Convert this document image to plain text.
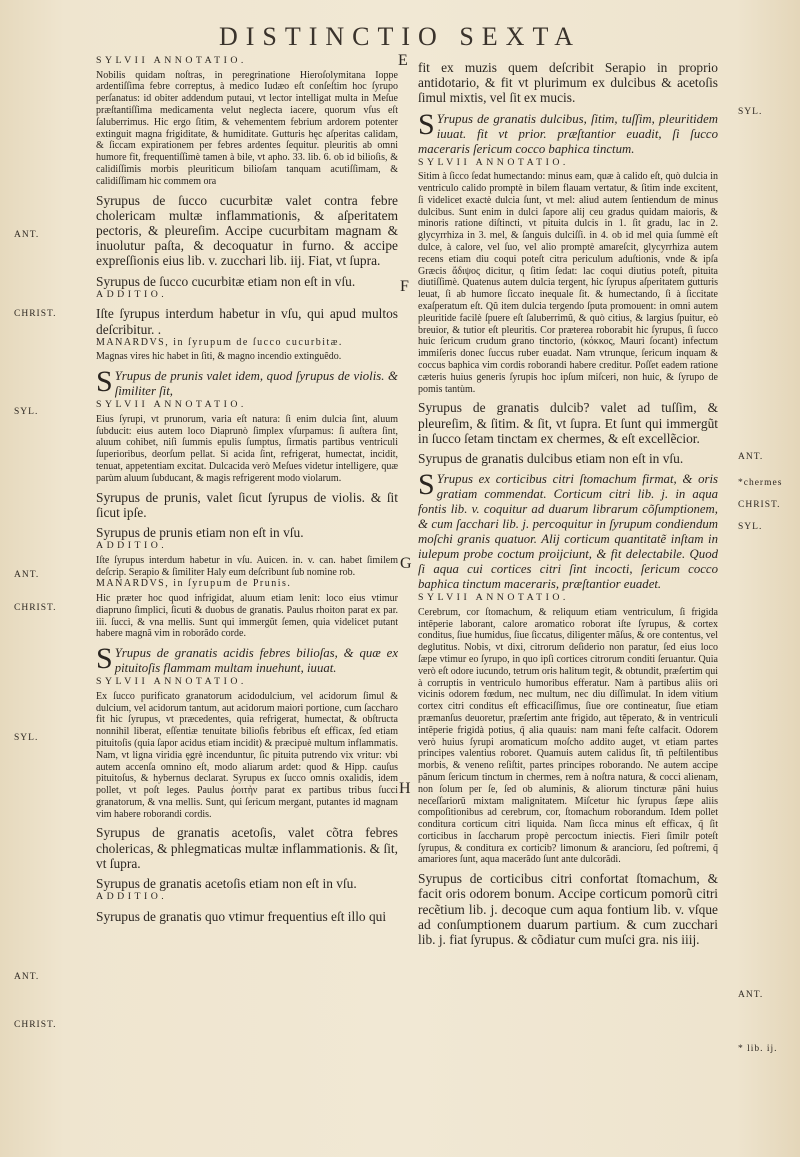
DISTINCTIO SEXTA

SYLVII ANNOTATIO.

Nobilis quidam noſtras, in peregrinatione Hieroſolymitana Ioppe ardentiſſima febre correptus, à medico Iudæo eſt conſeſtim hoc ſyrupo perſanatus: id obiter addendum putaui, vt lector intelligat multa in Meſue præſtantiſſima medicamenta velut neglecta iacere, quorum vſus eſt ſaluberrimus. Hic ergo ſitim, & vehementem febrium ardorem potenter extinguit magna frigiditate, & humiditate. Gutturis hęc aſperitas calidam, & ſiccam expirationem per febres ardentes ſequitur. pleuritis ab omni humore fit, frequentiſſimè tamen à bile, vt apho. 33. lib. 6. ob id bilioſis, & calidiſſimis morbis pleuriticum bilioſam tanquam acutiſſimam, & calidiſſimam hic commem ora

Syrupus de ſucco cucurbitæ valet contra febre cholericam multæ inflammationis, & aſperitatem pectoris, & pleureſim. Accipe cucurbitam magnam & inuolutur paſta, & decoquatur in furno. & accipe expreſſionis eius lib. v. zucchari lib. iij. Fiat, vt ſupra.

Syrupus de ſucco cucurbitæ etiam non eſt in vſu.

ADDITIO.

Iſte ſyrupus interdum habetur in vſu, qui apud multos deſcribitur. .

MANARDVS, in ſyrupum de ſucco cucurbitæ.

Magnas vires hic habet in ſiti, & magno incendio extinguẽdo.

S Yrupus de prunis valet idem, quod ſyrupus de violis. & ſimiliter ſit,

SYLVII ANNOTATIO.

Eius ſyrupi, vt prunorum, varia eſt natura: ſi enim dulcia ſint, aluum ſubducit: eius autem loco Diaprunò ſimplex vſurpamus: ſi auſtera ſint, aluum cohibet, niſi ſummis epulis ſumptus, ſirmatis partibus ventriculi ſuperioribus, deorſum pellat. Si acida ſint, refrigerat, humectat, incidit, tenuat, appetentiam excitat. Dulcacida verò Meſues videtur intelligere, quæ parùm aluum ſubducant, & magis refrigerent modo violarum.

Syrupus de prunis, valet ſicut ſyrupus de violis. & ſit ſicut ipſe.

Syrupus de prunis etiam non eſt in vſu.

ADDITIO.

Iſte ſyrupus interdum habetur in vſu. Auicen. in. v. can. habet ſimilem deſcrip. Serapio & ſimiliter Haly eum deſcribunt ſub nomine rob.

MANARDVS, in ſyrupum de Prunis.

Hic præter hoc quod infrigidat, aluum etiam lenit: loco eius vtimur diapruno ſimplici, ſicuti & duobus de granatis. Paulus rhoiton parat ex par. iii. ſucci, & vna mellis. Sunt qui immergũt ſemen, quia videlicet putant habere magnã vim in roborãdo corde.

S Yrupus de granatis acidis febres bilioſas, & quæ ex pituitoſis flammam multam inuehunt, iuuat.

SYLVII ANNOTATIO.

Ex ſucco purificato granatorum acidodulcium, vel acidorum ſimul & dulcium, vel acidorum tantum, aut acidorum maiori portione, cum ſaccharo fit hic ſyrupus, vt præcedentes, quia refrigerat, humectat, & obſtructa nonnihil liberat, eſſentiæ tenuitate bilioſis febribus eſt efficax, ſed etiam pituitoſis (quia ſapor acidus etiam incidit) & præcipuè multum inflammatis. Nam, vt ligna viridia ęgrè incenduntur, ſic pituita putrendo vix vritur: vbi autem accenſa omnino eſt, modo aliarum ardet: quod & Hipp. cauſus pituitoſus, & hybernus declarat. Syrupus ex ſucco omnis oxalidis, idem pollet, vt poſt leges. Paulus ῥοιτὴν parat ex partibus tribus ſucci granatorum, & vna mellis. Sunt, qui ſericum mergant, putantes id magnam vim habere roborandi cordis.

Syrupus de granatis acetoſis, valet cõtra febres cholericas, & phlegmaticas multæ inflammationis. & ſit, vt ſupra.

Syrupus de granatis acetoſis etiam non eſt in vſu.

ADDITIO.

Syrupus de granatis quo vtimur frequentius eſt illo qui

fit ex muzis quem deſcribit Serapio in proprio antidotario, & fit vt plurimum ex dulcibus & acetoſis ſimul mixtis, vel ſit ex mucis.

S Yrupus de granatis dulcibus, ſitim, tuſſim, pleuritidem iuuat. fit vt prior. præſtantior euadit, ſi ſucco maceraris ſericum cocco baphica tinctum.

SYLVII ANNOTATIO.

Sitim à ſicco ſedat humectando: minus eam, quæ à calido eſt, quò dulcia in ventriculo calido promptè in bilem flauam vertatur, & ſitim inde excitent, ſi videlicet exactè dulcia ſunt, vt mel: aliud autem ſentiendum de minus dulcibus. Sunt enim in dulci ſapore alij ceu gradus quidam maioris, & minoris ratione diſtincti, vt pituita dulcis in 1. ſit gradu, lac in 2. glycyrrhiza in 3. mel, & ſanguis dulciſſi. in 4. ob id mel quia ſummè eſt dulce, à calore, vel ſuo, vel alio promptè amareſcit, glycyrrhiza autem recens etiam diu coqui poteſt citra periculum aduſtionis, vnde & ipſa Græcis ἄδιψος dicitur, q ſitim ſedat: lac coqui diutius poteſt, pituita diutiſſimè. Quatenus autem dulcia tergent, hic ſyrupus aſperitatem gutturis leuat, ſi ab humore ſiccato inequale ſit. & humectando, ſi à ſiccitate exaſperatum eſt. Qũ item dulcia tergendo ſputa promouent: in omni autem pleuritide facilè ſpuere eſt ſaluberrimũ, & quò citius, & largius ſpuitur, eò breuior, & tutior eſt pleuritis. Cor præterea roborabit hic ſyrupus, ſi ſucco huic ſericum crudum grano tinctorio, (κόκκος, Mauri ſocant) infectum immiſeris donec ſuccus ruber euadat. Nam vtrunque, ſericum inquam & coccus baphica vim cordis roborandi habere creditur. Poſſet eadem ratione cæteris huius generis ſyrupis hoc ipſum miſceri, non huic, & ſyrupo de pomis tantùm.

Syrupus de granatis dulcib? valet ad tuſſim, & pleureſim, & ſitim. & ſit, vt ſupra. Et ſunt qui immergũt in ſucco ſetam tinctam ex chermes, & eſt excellẽcior.

Syrupus de granatis dulcibus etiam non eſt in vſu.

S Yrupus ex corticibus citri ſtomachum firmat, & oris gratiam commendat. Corticum citri lib. j. in aqua fontis lib. v. coquitur ad duarum librarum cõſumptionem, & cum ſacchari lib. j. percoquitur in ſyrupum condiendum moſchi granis quatuor. Alij corticum quantitatẽ inſtam in iulepum probe coctum proijciunt, & fit delectabile. Quod ſi aqua cui cortices citri ſint incocti, ſericum cocco baphica tinctum maceraris, præſtantior euadet.

SYLVII ANNOTATIO.

Cerebrum, cor ſtomachum, & reliquum etiam ventriculum, ſi frigida intẽperie laborant, calore aromatico roborat iſte ſyrupus, & cortex conditus, ſiue humidus, ſiue ſiccatus, diligenter mãſus, & ore contentus, vel deglutitus. Nobis, vt dixi, citrorum deſiderio non paratur, ſed eius loco ſæpe vtimur eo ſyrupo, in quo ipſi cortices citrorum conditi ſeruantur. Quia verò eſt odore iucundo, tetrum oris halitum tegit, & obtundit, præſertim qui à corruptis in ventriculo humoribus efferatur. Nam à partibus aliis ori vicinis odorem fœdum, nec multum, nec diu diſſimulat. In idem vitium cortex citri conditus eſt efficaciſſimus, ſiue ore contineatur, ſiue etiam præmanſus deuoretur, præſertim ante frigido, aut tẽperato, & in ventriculi intẽperie frigidà potius, q̃ alia quauis: nam mani feſte calfacit. Odorem verò huius ſyrupi aromaticum moſcho addito auget, vt etiam partes principes valentius roboret. Quamuis autem calidus ſit, tñ peſtilentibus morbis, & veneno reſiſtit, partes principes roborando. Ne autem accipe pãnum ſericum tinctum in chermes, rem à noſtra natura, & cocci alienam, non ſolum per ſe, ſed ob aluminis, & aliorum tincturæ pãni huius neceſſariorũ mixtam malignitatem. Miſcetur hic ſyrupus ſæpe aliis compoſitionibus ad cerebrum, cor, ſtomachum roborandum. Idem pollet conditura corticum citri liquida. Nam ſicca minus eſt efficax, q̃ ſit corticibus in ſaccharum propè percoctum iniectis. Fieri ſimilr poteſt ſyrupus, & conditura ex corticib? limonum & arancioru, ſed poſtremi, q̃ amariores ſunt, aqua macerãdo ſunt ante dulcorãdi.

Syrupus de corticibus citri confortat ſtomachum, & facit oris odorem bonum. Accipe corticum pomorũ citri recẽtium lib. j. decoque cum aqua fontium lib. v. vſque ad conſumptionem duarum partium. & cum zucchari lib. j. fiat ſyrupus. & cõdiatur cum muſci gra. nis iiij.

ANT.
CHRIST.
SYL.
ANT.
CHRIST.
SYL.
ANT.
CHRIST.
SYL.
ANT.
*chermes
CHRIST.
SYL.
ANT.
* lib. ij.
E
F
G
H
